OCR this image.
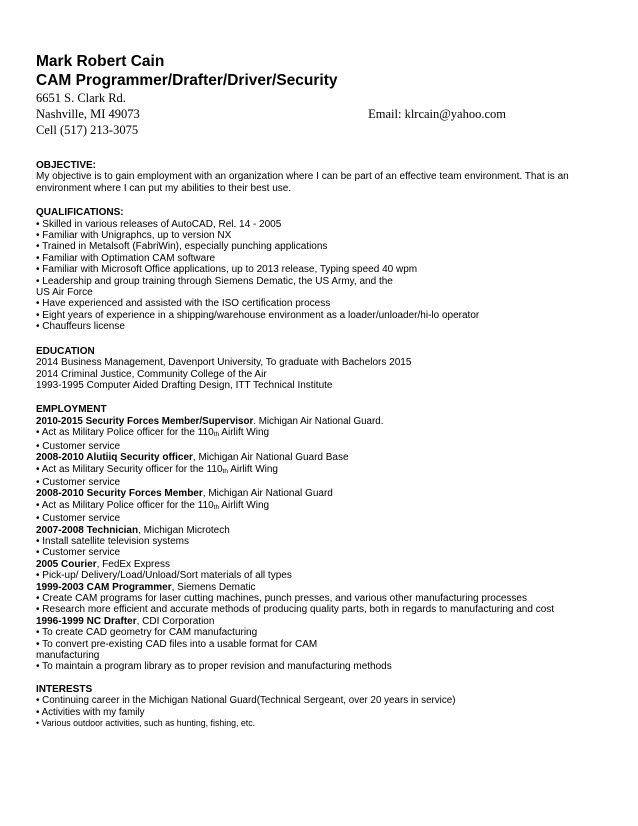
Mark Robert Cain
CAM Programmer/Drafter/Driver/Security
6651 S. Clark Rd.
Nashville, MI 49073	Email: klrcain@yahoo.com
Cell (517) 213-3075
OBJECTIVE:
My objective is to gain employment with an organization where I can be part of an effective team environment. That is an
environment where I can put my abilities to their best use.
QUALIFICATIONS:
• Skilled in various releases of AutoCAD, Rel. 14 - 2005
• Familiar with Unigraphcs, up to version NX
• Trained in Metalsoft (FabriWin), especially punching applications
• Familiar with Optimation CAM software
• Familiar with Microsoft Office applications, up to 2013 release, Typing speed 40 wpm
• Leadership and group training through Siemens Dematic, the US Army, and the
US Air Force
• Have experienced and assisted with the ISO certification process
• Eight years of experience in a shipping/warehouse environment as a loader/unloader/hi-lo operator
• Chauffeurs license
EDUCATION
2014 Business Management, Davenport University, To graduate with Bachelors 2015
2014 Criminal Justice, Community College of the Air
1993-1995 Computer Aided Drafting Design, ITT Technical Institute
EMPLOYMENT
2010-2015 Security Forces Member/Supervisor. Michigan Air National Guard.
• Act as Military Police officer for the 110th Airlift Wing
• Customer service
2008-2010 Alutiiq Security officer, Michigan Air National Guard Base
• Act as Military Security officer for the 110th Airlift Wing
• Customer service
2008-2010 Security Forces Member, Michigan Air National Guard
• Act as Military Police officer for the 110th Airlift Wing
• Customer service
2007-2008 Technician, Michigan Microtech
• Install satellite television systems
• Customer service
2005 Courier, FedEx Express
• Pick-up/ Delivery/Load/Unload/Sort materials of all types
1999-2003 CAM Programmer, Siemens Dematic
• Create CAM programs for laser cutting machines, punch presses, and various other manufacturing processes
• Research more efficient and accurate methods of producing quality parts, both in regards to manufacturing and cost
1996-1999 NC Drafter, CDI Corporation
• To create CAD geometry for CAM manufacturing
• To convert pre-existing CAD files into a usable format for CAM
manufacturing
• To maintain a program library as to proper revision and manufacturing methods
INTERESTS
• Continuing career in the Michigan National Guard(Technical Sergeant, over 20 years in service)
• Activities with my family
• Various outdoor activities, such as hunting, fishing, etc.
